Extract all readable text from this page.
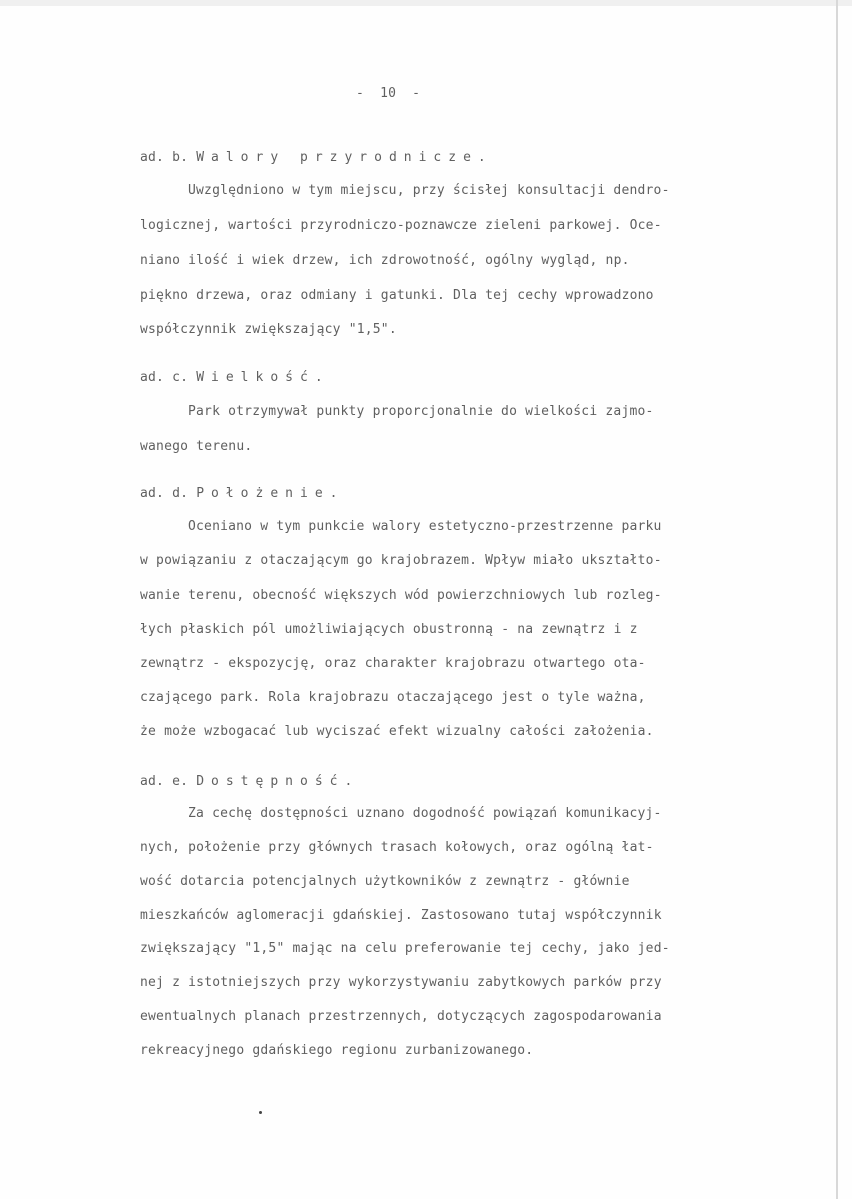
-  10  -
ad. b. Walory przyrodnicze.
Uwzględniono w tym miejscu, przy ścisłej konsultacji dendro-
logicznej, wartości przyrodniczo-poznawcze zieleni parkowej. Oce-
niano ilość i wiek drzew, ich zdrowotność, ogólny wygląd, np.
piękno drzewa, oraz odmiany i gatunki. Dla tej cechy wprowadzono
współczynnik zwiększający "1,5".
ad. c. Wielkość.
Park otrzymywał punkty proporcjonalnie do wielkości zajmo-
wanego terenu.
ad. d. Położenie.
Oceniano w tym punkcie walory estetyczno-przestrzenne parku
w powiązaniu z otaczającym go krajobrazem. Wpływ miało ukształto-
wanie terenu, obecność większych wód powierzchniowych lub rozleg-
łych płaskich pól umożliwiających obustronną - na zewnątrz i z
zewnątrz - ekspozycję, oraz charakter krajobrazu otwartego ota-
czającego park. Rola krajobrazu otaczającego jest o tyle ważna,
że może wzbogacać lub wyciszać efekt wizualny całości założenia.
ad. e. Dostępność.
Za cechę dostępności uznano dogodność powiązań komunikacyj-
nych, położenie przy głównych trasach kołowych, oraz ogólną łat-
wość dotarcia potencjalnych użytkowników z zewnątrz - głównie
mieszkańców aglomeracji gdańskiej. Zastosowano tutaj współczynnik
zwiększający "1,5" mając na celu preferowanie tej cechy, jako jed-
nej z istotniejszych przy wykorzystywaniu zabytkowych parków przy
ewentualnych planach przestrzennych, dotyczących zagospodarowania
rekreacyjnego gdańskiego regionu zurbanizowanego.
